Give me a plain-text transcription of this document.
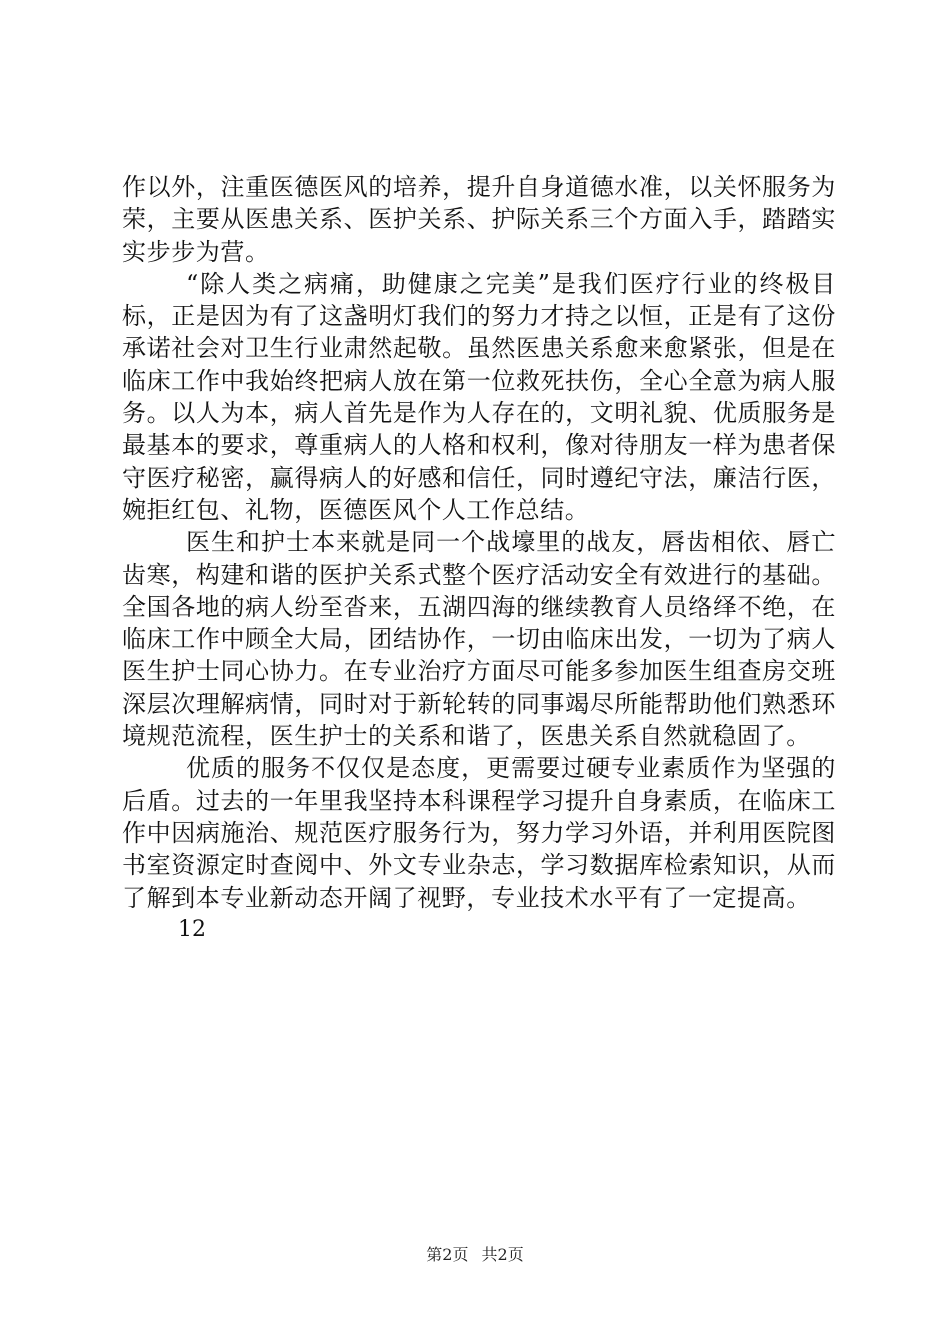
作以外，注重医德医风的培养，提升自身道德水准，以关怀服务为荣，主要从医患关系、医护关系、护际关系三个方面入手，踏踏实实步步为营。

“除人类之病痛，助健康之完美”是我们医疗行业的终极目标，正是因为有了这盏明灯我们的努力才持之以恒，正是有了这份承诺社会对卫生行业肃然起敬。虽然医患关系愈来愈紧张，但是在临床工作中我始终把病人放在第一位救死扶伤，全心全意为病人服务。以人为本，病人首先是作为人存在的，文明礼貌、优质服务是最基本的要求，尊重病人的人格和权利，像对待朋友一样为患者保守医疗秘密，赢得病人的好感和信任，同时遵纪守法，廉洁行医，婉拒红包、礼物，医德医风个人工作总结。

医生和护士本来就是同一个战壕里的战友，唇齿相依、唇亡齿寒，构建和谐的医护关系式整个医疗活动安全有效进行的基础。全国各地的病人纷至沓来，五湖四海的继续教育人员络绎不绝，在临床工作中顾全大局，团结协作，一切由临床出发，一切为了病人医生护士同心协力。在专业治疗方面尽可能多参加医生组查房交班深层次理解病情，同时对于新轮转的同事竭尽所能帮助他们熟悉环境规范流程，医生护士的关系和谐了，医患关系自然就稳固了。

优质的服务不仅仅是态度，更需要过硬专业素质作为坚强的后盾。过去的一年里我坚持本科课程学习提升自身素质，在临床工作中因病施治、规范医疗服务行为，努力学习外语，并利用医院图书室资源定时查阅中、外文专业杂志，学习数据库检索知识，从而了解到本专业新动态开阔了视野，专业技术水平有了一定提高。

12

第2页 共2页
